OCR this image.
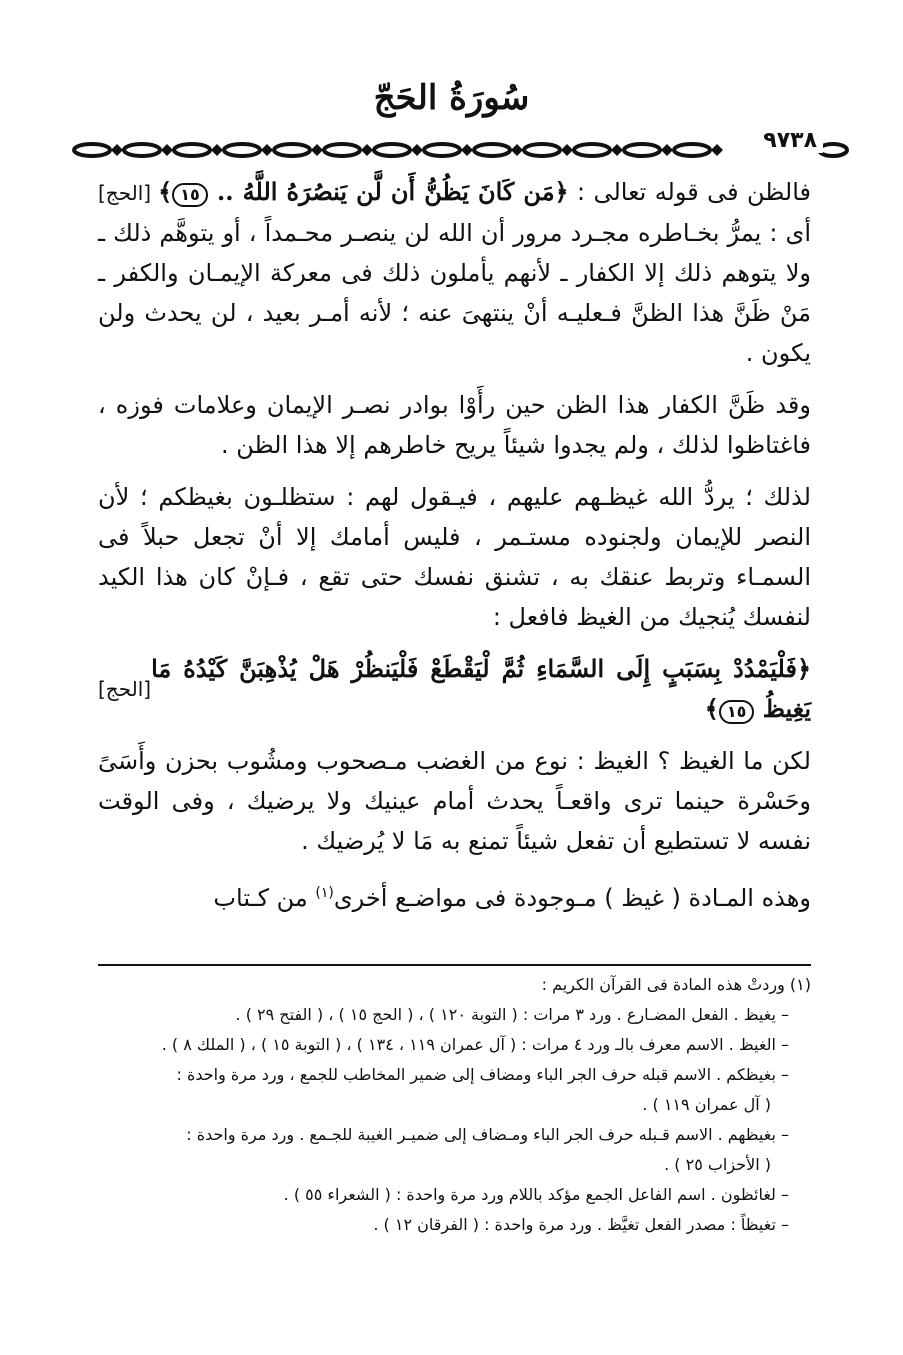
سُورَةُ الحَجّ
٩٧٣٨

فالظن فى قوله تعالى : ﴿مَن كَانَ يَظُنُّ أَن لَّن يَنصُرَهُ اللَّهُ .. ١٥﴾ [الحج] أى : يمرُّ بخـاطره مجـرد مرور أن الله لن ينصـر محـمداً ، أو يتوهَّم ذلك ـ ولا يتوهم ذلك إلا الكفار ـ لأنهم يأملون ذلك فى معركة الإيمـان والكفر ـ مَنْ ظَنَّ هذا الظنَّ فـعليـه أنْ ينتهىَ عنه ؛ لأنه أمـر بعيد ، لن يحدث ولن يكون .

وقد ظَنَّ الكفار هذا الظن حين رأَوْا بوادر نصـر الإيمان وعلامات فوزه ، فاغتاظوا لذلك ، ولم يجدوا شيئاً يريح خاطرهم إلا هذا الظن .

لذلك ؛ يردُّ الله غيظـهم عليهم ، فيـقول لهم : ستظلـون بغيظكم ؛ لأن النصر للإيمان ولجنوده مستـمر ، فليس أمامك إلا أنْ تجعل حبلاً فى السمـاء وتربط عنقك به ، تشنق نفسك حتى تقع ، فـإنْ كان هذا الكيد لنفسك يُنجيك من الغيظ فافعل :

﴿فَلْيَمْدُدْ بِسَبَبٍ إِلَى السَّمَاءِ ثُمَّ لْيَقْطَعْ فَلْيَنظُرْ هَلْ يُذْهِبَنَّ كَيْدُهُ مَا يَغِيظُ ١٥﴾
[الحج]

لكن ما الغيظ ؟ الغيظ : نوع من الغضب مـصحوب ومشُوب بحزن وأَسَىً وحَسْرة حينما ترى واقعـاً يحدث أمام عينيك ولا يرضيك ، وفى الوقت نفسه لا تستطيع أن تفعل شيئاً تمنع به مَا لا يُرضيك .

وهذه المـادة ( غيظ ) مـوجودة فى مواضـع أخرى$^{(١)}$ من كـتاب

(١) وردتْ هذه المادة فى القرآن الكريم :

– يغيظ . الفعل المضـارع . ورد ٣ مرات : ( التوبة ١٢٠ ) ، ( الحج ١٥ ) ، ( الفتح ٢٩ ) .

– الغيظ . الاسم معرف بالـ ورد ٤ مرات : ( آل عمران ١١٩ ، ١٣٤ ) ، ( التوبة ١٥ ) ، ( الملك ٨ ) .

– بغيظكم . الاسم قبله حرف الجر الباء ومضاف إلى ضمير المخاطب للجمع ، ورد مرة واحدة :

( آل عمران ١١٩ ) .

– بغيظهم . الاسم قـبله حرف الجر الباء ومـضاف إلى ضميـر الغيبة للجـمع . ورد مرة واحدة :

( الأحزاب ٢٥ ) .

– لغائظون . اسم الفاعل الجمع مؤكد باللام ورد مرة واحدة : ( الشعراء ٥٥ ) .

– تغيظاً : مصدر الفعل تغيَّظ . ورد مرة واحدة : ( الفرقان ١٢ ) .
